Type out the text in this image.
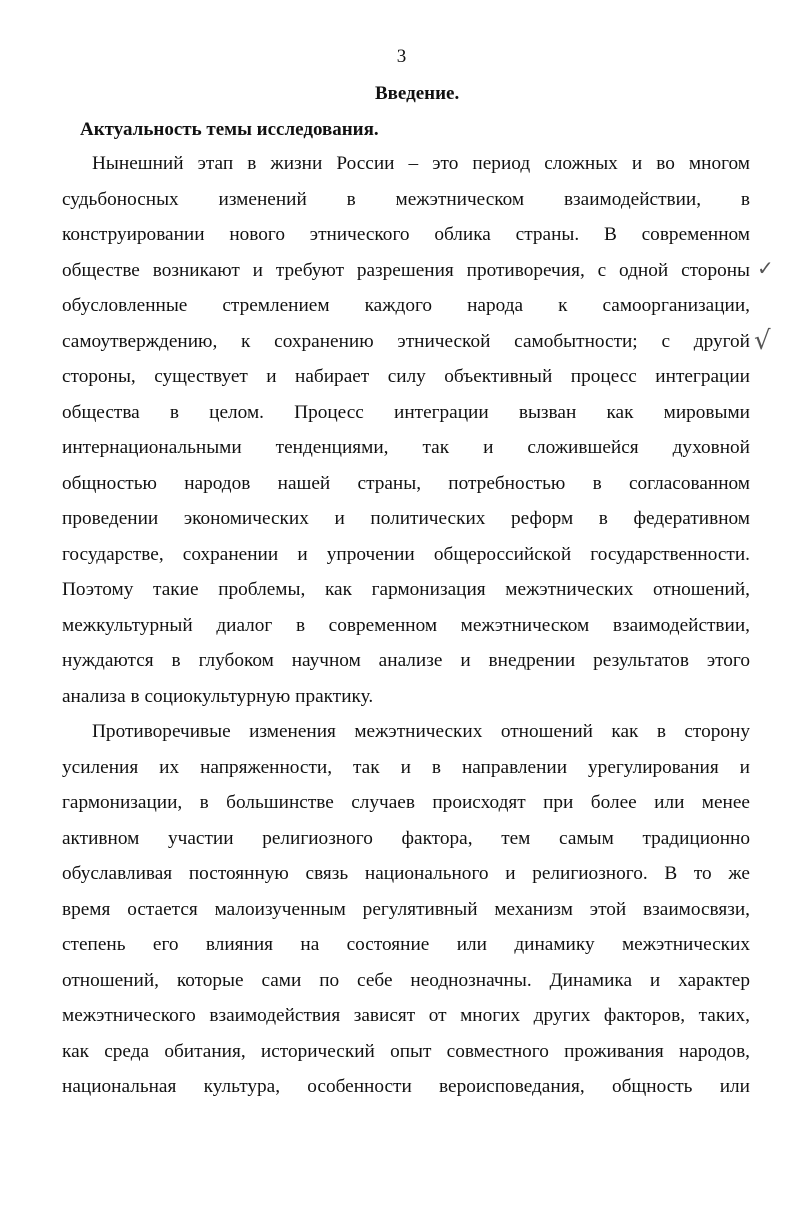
3
Введение.
Актуальность темы исследования.
Нынешний этап в жизни России – это период сложных и во многом
судьбоносных изменений в межэтническом взаимодействии, в
конструировании нового этнического облика страны. В современном
обществе возникают и требуют разрешения противоречия, с одной стороны
обусловленные стремлением каждого народа к самоорганизации,
самоутверждению, к сохранению этнической самобытности; с другой
стороны, существует и набирает силу объективный процесс интеграции
общества в целом. Процесс интеграции вызван как мировыми
интернациональными тенденциями, так и сложившейся духовной
общностью народов нашей страны, потребностью в согласованном
проведении экономических и политических реформ в федеративном
государстве, сохранении и упрочении общероссийской государственности.
Поэтому такие проблемы, как гармонизация межэтнических отношений,
межкультурный диалог в современном межэтническом взаимодействии,
нуждаются в глубоком научном анализе и внедрении результатов этого
анализа в социокультурную практику.
Противоречивые изменения межэтнических отношений как в сторону
усиления их напряженности, так и в направлении урегулирования и
гармонизации, в большинстве случаев происходят при более или менее
активном участии религиозного фактора, тем самым традиционно
обуславливая постоянную связь национального и религиозного. В то же
время остается малоизученным регулятивный механизм этой взаимосвязи,
степень его влияния на состояние или динамику межэтнических
отношений, которые сами по себе неоднозначны. Динамика и характер
межэтнического взаимодействия зависят от многих других факторов, таких,
как среда обитания, исторический опыт совместного проживания народов,
национальная культура, особенности вероисповедания, общность или
✓
√
